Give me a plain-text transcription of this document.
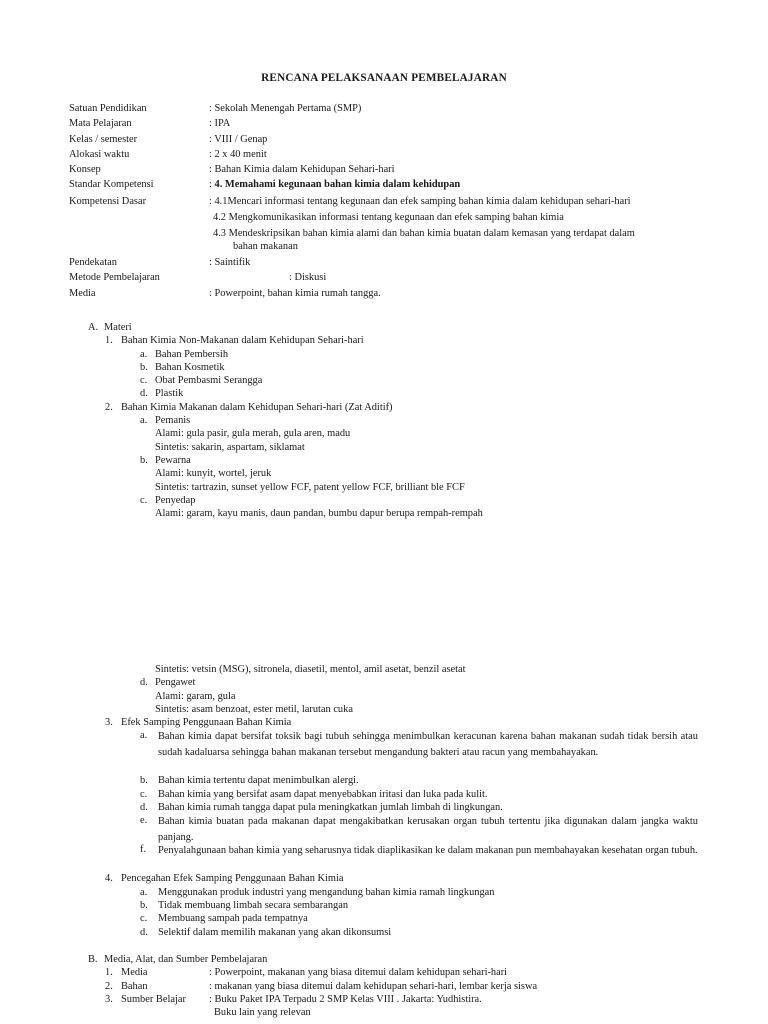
RENCANA PELAKSANAAN PEMBELAJARAN
Satuan Pendidikan	: Sekolah Menengah Pertama (SMP)
Mata Pelajaran	: IPA
Kelas / semester	: VIII / Genap
Alokasi waktu	: 2 x 40 menit
Konsep	: Bahan Kimia dalam Kehidupan Sehari-hari
Standar Kompetensi	: 4. Memahami kegunaan bahan kimia dalam kehidupan
Kompetensi Dasar	: 4.1Mencari informasi tentang kegunaan dan efek samping bahan kimia dalam kehidupan sehari-hari
4.2 Mengkomunikasikan informasi tentang kegunaan dan efek samping bahan kimia
4.3 Mendeskripsikan bahan kimia alami dan bahan kimia buatan dalam kemasan yang terdapat dalam
bahan makanan
Pendekatan	: Saintifik
Metode Pembelajaran	: Diskusi
Media	: Powerpoint, bahan kimia rumah tangga.
A. Materi
1. Bahan Kimia Non-Makanan dalam Kehidupan Sehari-hari
a. Bahan Pembersih
b. Bahan Kosmetik
c. Obat Pembasmi Serangga
d. Plastik
2. Bahan Kimia Makanan dalam Kehidupan Sehari-hari (Zat Aditif)
a. Pemanis
Alami: gula pasir, gula merah, gula aren, madu
Sintetis: sakarin, aspartam, siklamat
b. Pewarna
Alami: kunyit, wortel, jeruk
Sintetis: tartrazin, sunset yellow FCF, patent yellow FCF, brilliant ble FCF
c. Penyedap
Alami: garam, kayu manis, daun pandan, bumbu dapur berupa rempah-rempah
Sintetis: vetsin (MSG), sitronela, diasetil, mentol, amil asetat, benzil asetat
d. Pengawet
Alami: garam, gula
Sintetis: asam benzoat, ester metil, larutan cuka
3. Efek Samping Penggunaan Bahan Kimia
a. Bahan kimia dapat bersifat toksik bagi tubuh sehingga menimbulkan keracunan karena bahan makanan sudah tidak bersih atau sudah kadaluarsa sehingga bahan makanan tersebut mengandung bakteri atau racun yang membahayakan.
b. Bahan kimia tertentu dapat menimbulkan alergi.
c. Bahan kimia yang bersifat asam dapat menyebabkan iritasi dan luka pada kulit.
d. Bahan kimia rumah tangga dapat pula meningkatkan jumlah limbah di lingkungan.
e. Bahan kimia buatan pada makanan dapat mengakibatkan kerusakan organ tubuh tertentu jika digunakan dalam jangka waktu panjang.
f. Penyalahgunaan bahan kimia yang seharusnya tidak diaplikasikan ke dalam makanan pun membahayakan kesehatan organ tubuh.
4. Pencegahan Efek Samping Penggunaan Bahan Kimia
a. Menggunakan produk industri yang mengandung bahan kimia ramah lingkungan
b. Tidak membuang limbah secara sembarangan
c. Membuang sampah pada tempatnya
d. Selektif dalam memilih makanan yang akan dikonsumsi
B. Media, Alat, dan Sumber Pembelajaran
1. Media	: Powerpoint, makanan yang biasa ditemui dalam kehidupan sehari-hari
2. Bahan	: makanan yang biasa ditemui dalam kehidupan sehari-hari, lembar kerja siswa
3. Sumber Belajar : Buku Paket IPA Terpadu 2 SMP Kelas VIII . Jakarta: Yudhistira.
Buku lain yang relevan
